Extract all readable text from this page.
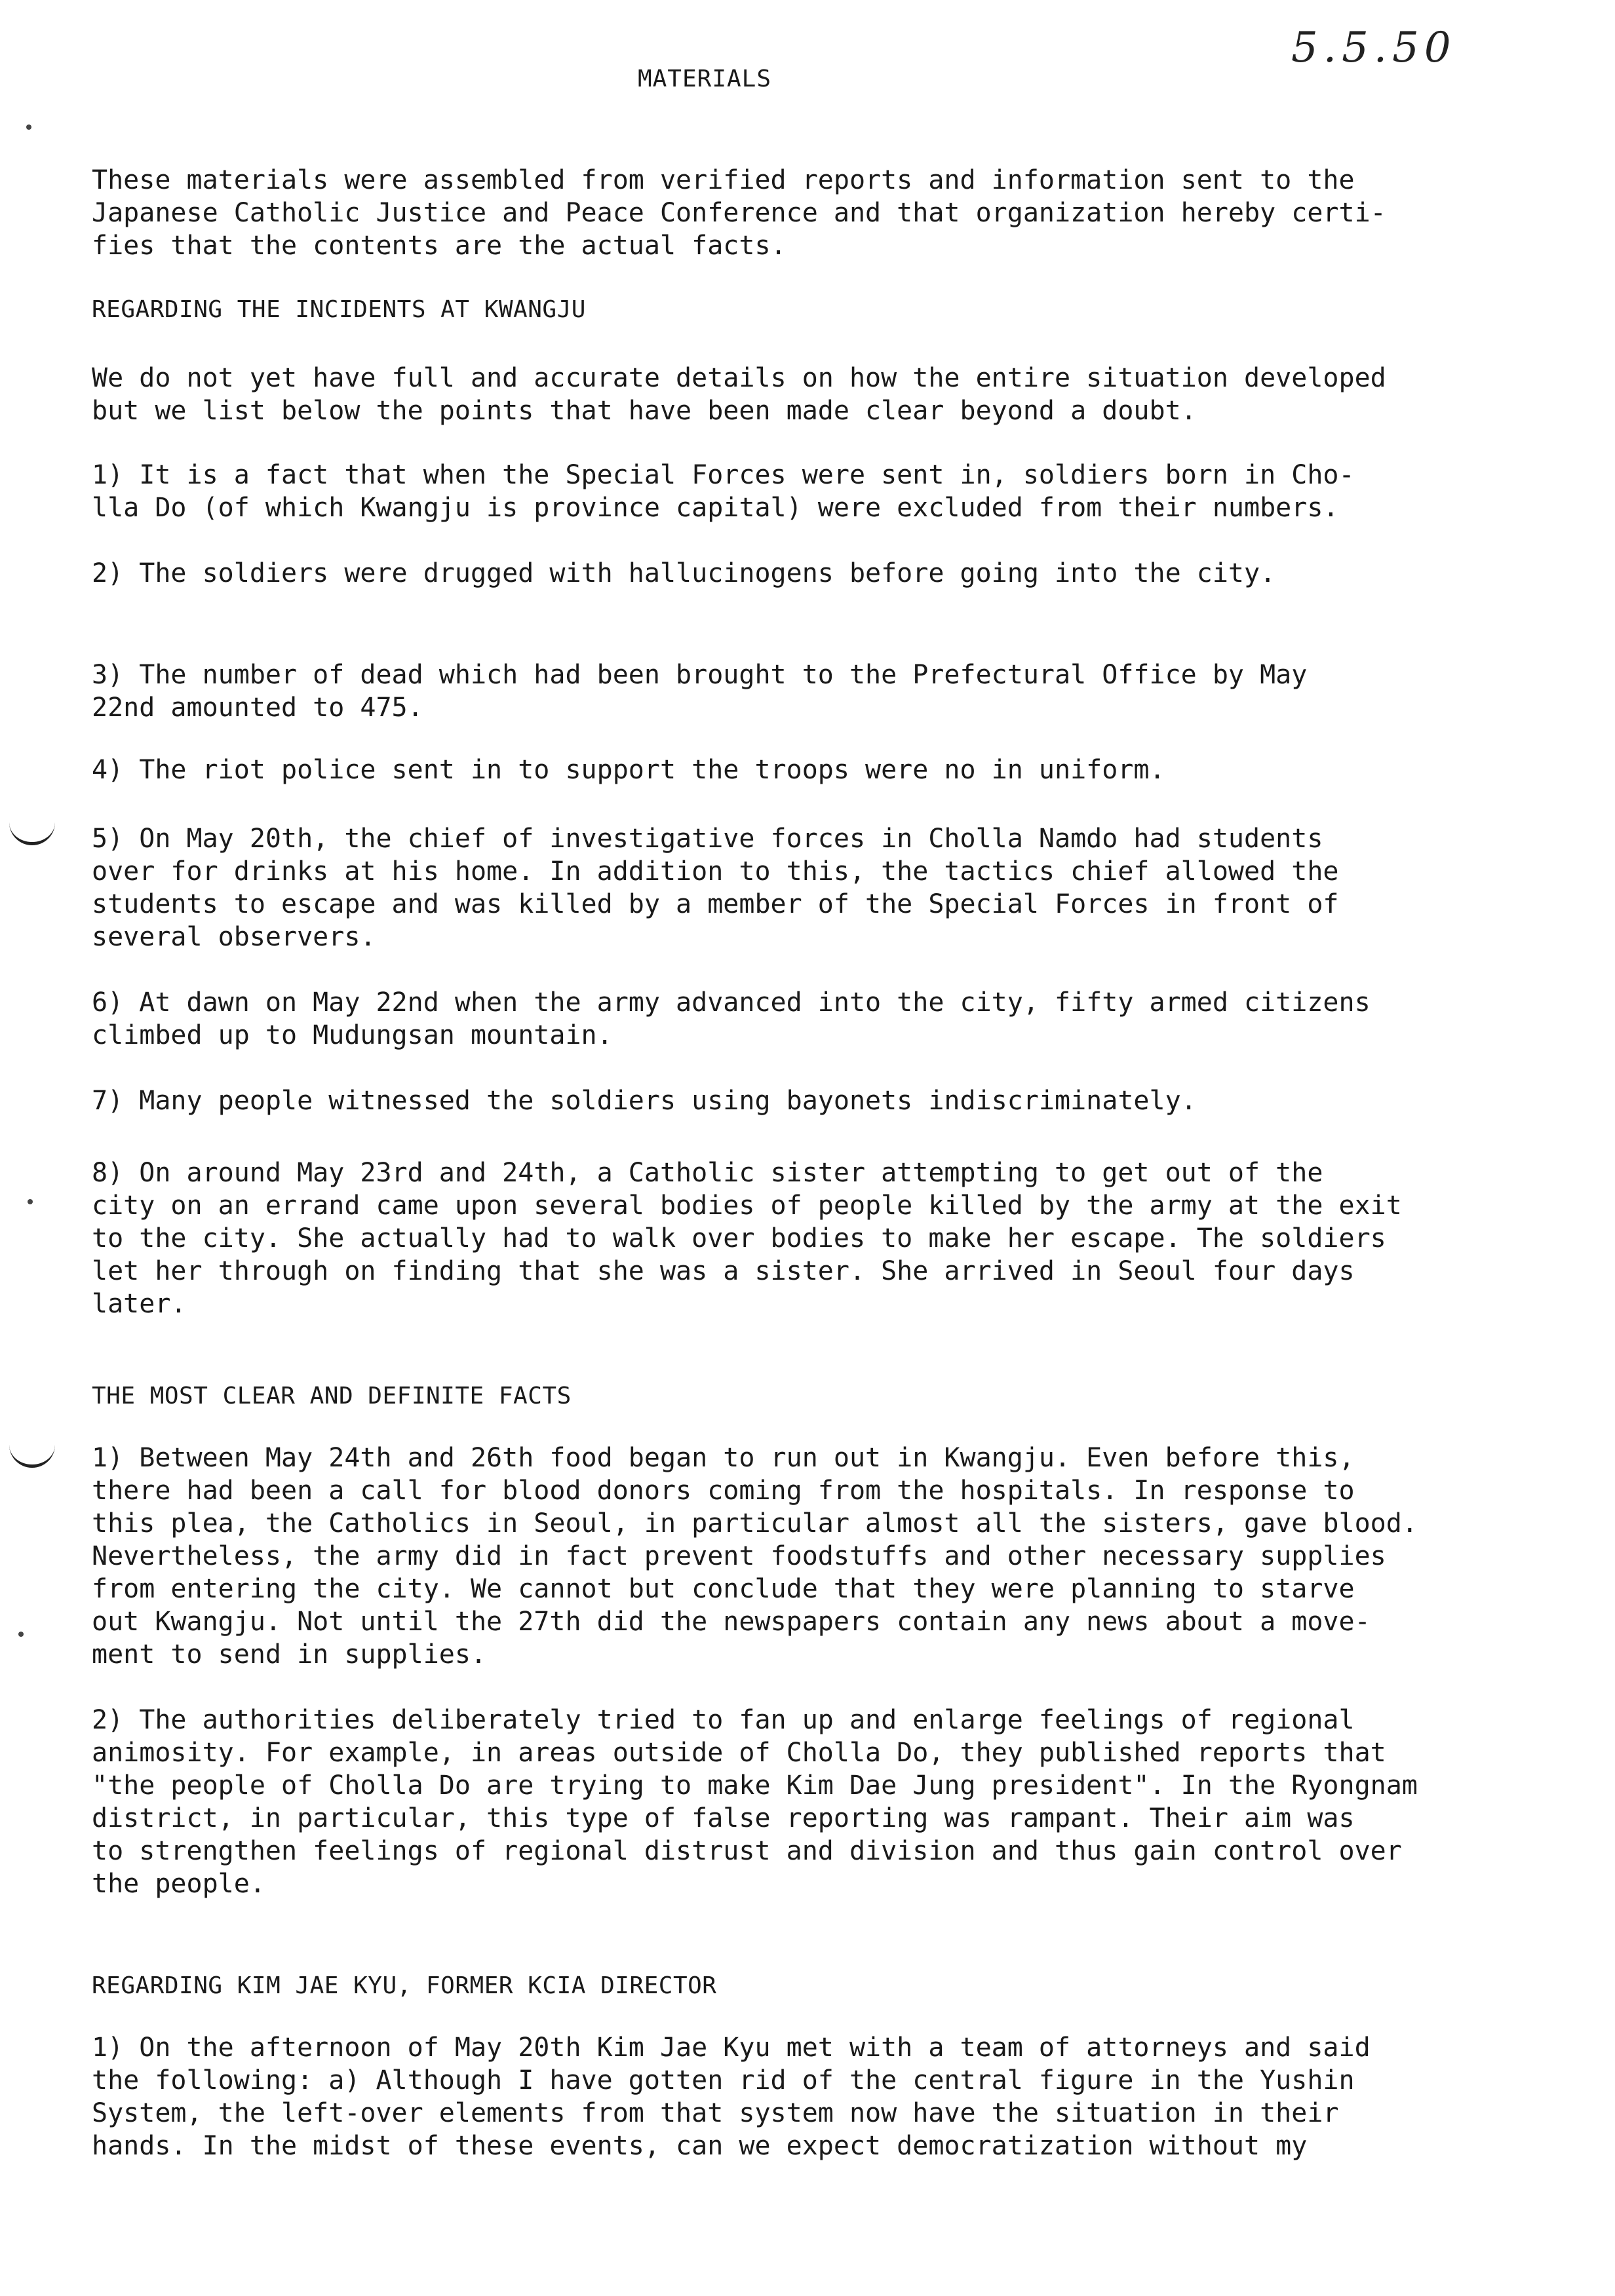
5.5.50
MATERIALS
These materials were assembled from verified reports and information sent to the
Japanese Catholic Justice and Peace Conference and that organization hereby certi-
fies that the contents are the actual facts.
REGARDING THE INCIDENTS AT KWANGJU
We do not yet have full and accurate details on how the entire situation developed
but we list below the points that have been made clear beyond a doubt.
1) It is a fact that when the Special Forces were sent in, soldiers born in Cho-
lla Do (of which Kwangju is province capital) were excluded from their numbers.
2) The soldiers were drugged with hallucinogens before going into the city.
3) The number of dead which had been brought to the Prefectural Office by May
22nd amounted to 475.
4) The riot police sent in to support the troops were no in uniform.
5) On May 20th, the chief of investigative forces in Cholla Namdo had students
over for drinks at his home. In addition to this, the tactics chief allowed the
students to escape and was killed by a member of the Special Forces in front of
several observers.
6) At dawn on May 22nd when the army advanced into the city, fifty armed citizens
climbed up to Mudungsan mountain.
7) Many people witnessed the soldiers using bayonets indiscriminately.
8) On around May 23rd and 24th, a Catholic sister attempting to get out of the
city on an errand came upon several bodies of people killed by the army at the exit
to the city. She actually had to walk over bodies to make her escape. The soldiers
let her through on finding that she was a sister. She arrived in Seoul four days
later.
THE MOST CLEAR AND DEFINITE FACTS
1) Between May 24th and 26th food began to run out in Kwangju. Even before this,
there had been a call for blood donors coming from the hospitals. In response to
this plea, the Catholics in Seoul, in particular almost all the sisters, gave blood.
Nevertheless, the army did in fact prevent foodstuffs and other necessary supplies
from entering the city. We cannot but conclude that they were planning to starve
out Kwangju. Not until the 27th did the newspapers contain any news about a move-
ment to send in supplies.
2) The authorities deliberately tried to fan up and enlarge feelings of regional
animosity. For example, in areas outside of Cholla Do, they published reports that
"the people of Cholla Do are trying to make Kim Dae Jung president". In the Ryongnam
district, in particular, this type of false reporting was rampant. Their aim was
to strengthen feelings of regional distrust and division and thus gain control over
the people.
REGARDING KIM JAE KYU, FORMER KCIA DIRECTOR
1) On the afternoon of May 20th Kim Jae Kyu met with a team of attorneys and said
the following: a) Although I have gotten rid of the central figure in the Yushin
System, the left-over elements from that system now have the situation in their
hands. In the midst of these events, can we expect democratization without my
